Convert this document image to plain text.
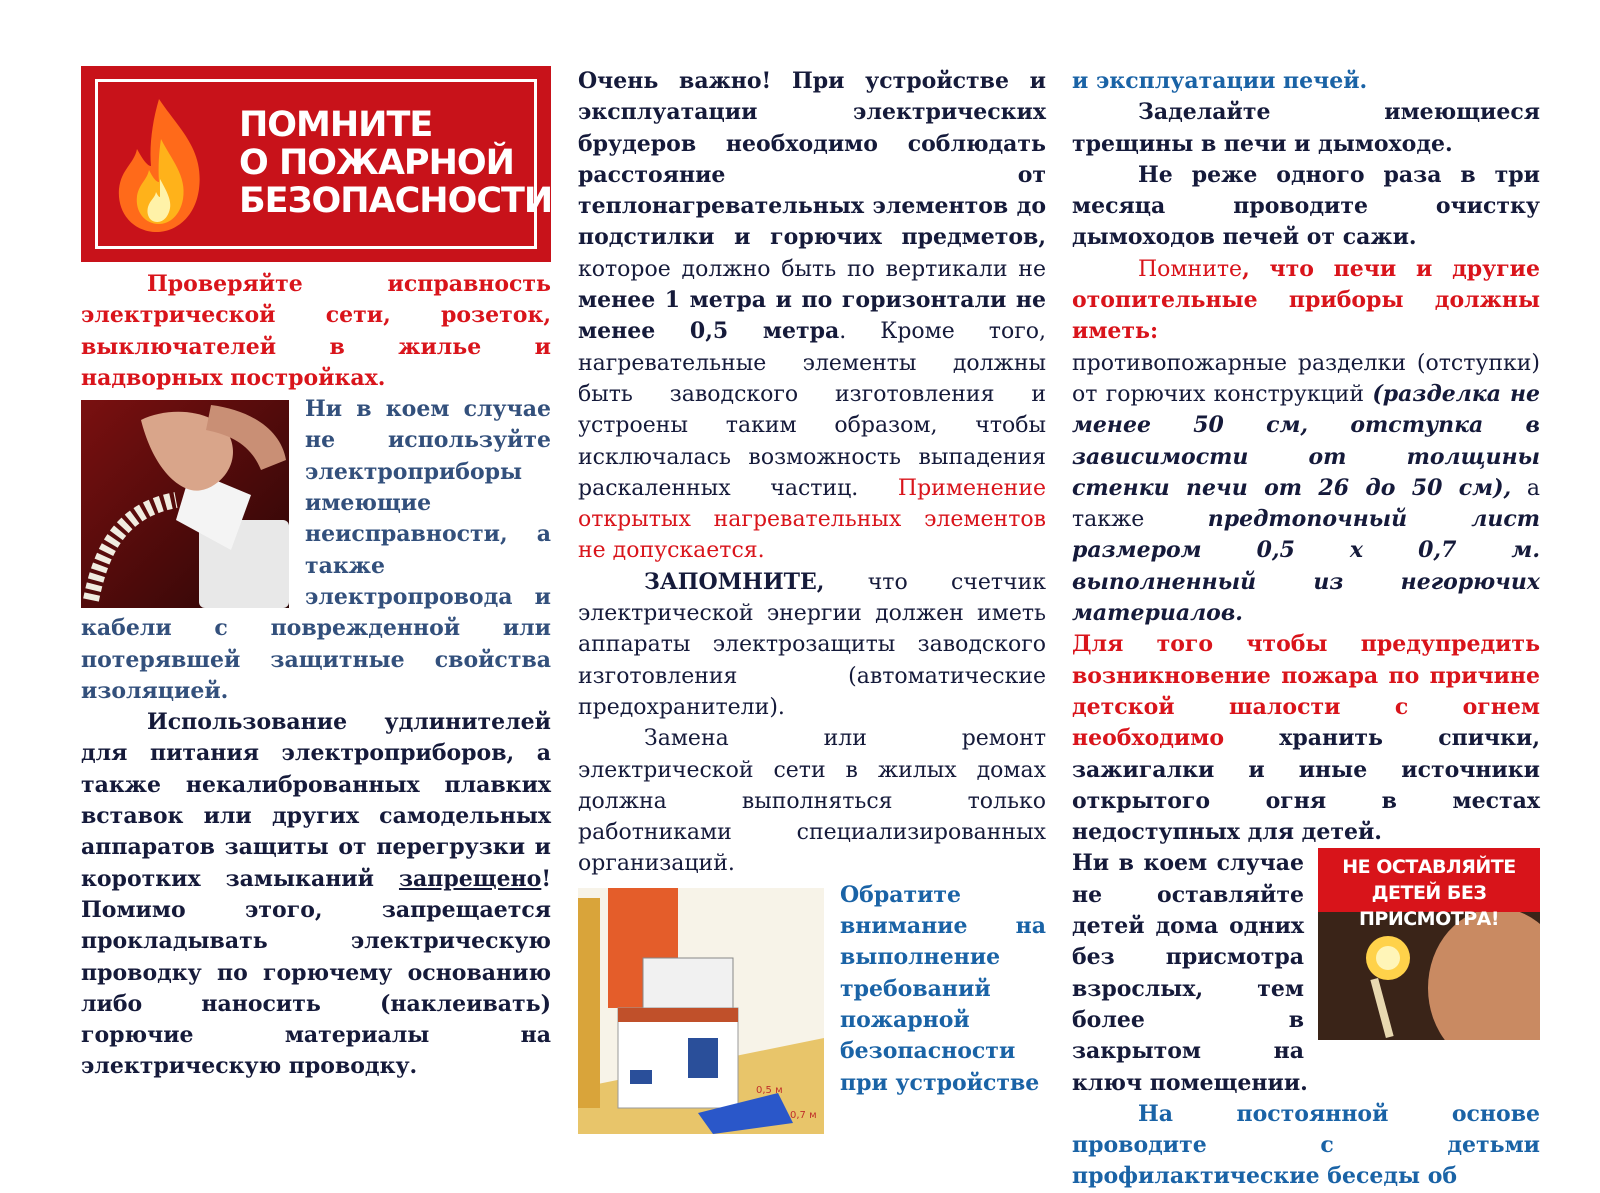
ПОМНИТЕ
О ПОЖАРНОЙ
БЕЗОПАСНОСТИ

Проверяйте исправность электрической сети, розеток, выключателей в жилье и надворных постройках.

Ни в коем случае не используйте электроприборы имеющие неисправности, а также электропровода и кабели с поврежденной или потерявшей защитные свойства изоляцией.

Использование удлинителей для питания электроприборов, а также некалиброванных плавких вставок или других самодельных аппаратов защиты от перегрузки и коротких замыканий запрещено! Помимо этого, запрещается прокладывать электрическую проводку по горючему основанию либо наносить (наклеивать) горючие материалы на электрическую проводку.

Очень важно! При устройстве и эксплуатации электрических брудеров необходимо соблюдать расстояние от теплонагревательных элементов до подстилки и горючих предметов, которое должно быть по вертикали не менее 1 метра и по горизонтали не менее 0,5 метра. Кроме того, нагревательные элементы должны быть заводского изготовления и устроены таким образом, чтобы исключалась возможность выпадения раскаленных частиц. Применение открытых нагревательных элементов не допускается.

ЗАПОМНИТЕ, что счетчик электрической энергии должен иметь аппараты электрозащиты заводского изготовления (автоматические предохранители).

Замена или ремонт электрической сети в жилых домах должна выполняться только работниками специализированных организаций.

0,5 м
0,7 м

Обратите внимание на выполнение требований пожарной безопасности при устройстве

и эксплуатации печей.

Заделайте имеющиеся трещины в печи и дымоходе.

Не реже одного раза в три месяца проводите очистку дымоходов печей от сажи.

Помните, что печи и другие отопительные приборы должны иметь:

противопожарные разделки (отступки) от горючих конструкций (разделка не менее 50 см, отступка в зависимости от толщины стенки печи от 26 до 50 см), а также предтопочный лист размером 0,5 х 0,7 м. выполненный из негорючих материалов.

Для того чтобы предупредить возникновение пожара по причине детской шалости с огнем необходимо хранить спички, зажигалки и иные источники открытого огня в местах недоступных для детей.

НЕ ОСТАВЛЯЙТЕ ДЕТЕЙ БЕЗ ПРИСМОТРА!

Ни в коем случае не оставляйте детей дома одних без присмотра взрослых, тем более в закрытом на ключ помещении.

На постоянной основе проводите с детьми профилактические беседы об
